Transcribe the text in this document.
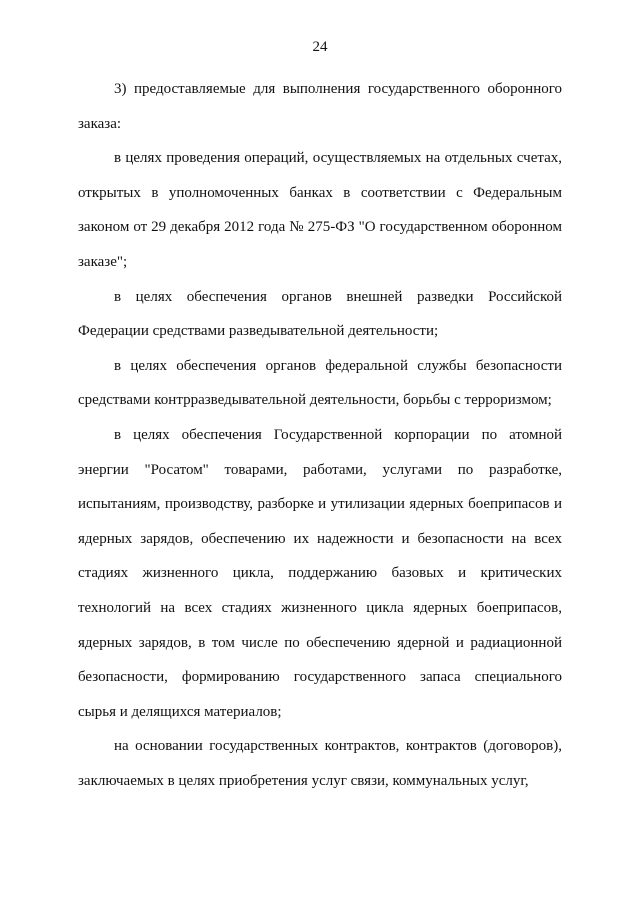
24

3) предоставляемые для выполнения государственного оборонного заказа:

в целях проведения операций, осуществляемых на отдельных счетах, открытых в уполномоченных банках в соответствии с Федеральным законом от 29 декабря 2012 года № 275-ФЗ "О государственном оборонном заказе";

в целях обеспечения органов внешней разведки Российской Федерации средствами разведывательной деятельности;

в целях обеспечения органов федеральной службы безопасности средствами контрразведывательной деятельности, борьбы с терроризмом;

в целях обеспечения Государственной корпорации по атомной энергии "Росатом" товарами, работами, услугами по разработке, испытаниям, производству, разборке и утилизации ядерных боеприпасов и ядерных зарядов, обеспечению их надежности и безопасности на всех стадиях жизненного цикла, поддержанию базовых и критических технологий на всех стадиях жизненного цикла ядерных боеприпасов, ядерных зарядов, в том числе по обеспечению ядерной и радиационной безопасности, формированию государственного запаса специального сырья и делящихся материалов;

на основании государственных контрактов, контрактов (договоров), заключаемых в целях приобретения услуг связи, коммунальных услуг,
